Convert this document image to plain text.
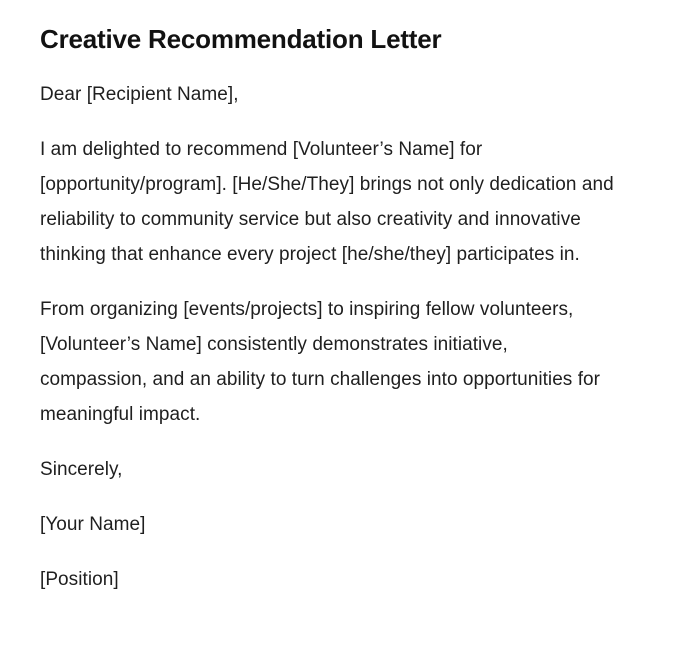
Creative Recommendation Letter

Dear [Recipient Name],

I am delighted to recommend [Volunteer’s Name] for [opportunity/program]. [He/She/They] brings not only dedication and reliability to community service but also creativity and innovative thinking that enhance every project [he/she/they] participates in.

From organizing [events/projects] to inspiring fellow volunteers, [Volunteer’s Name] consistently demonstrates initiative, compassion, and an ability to turn challenges into opportunities for meaningful impact.

Sincerely,

[Your Name]

[Position]
